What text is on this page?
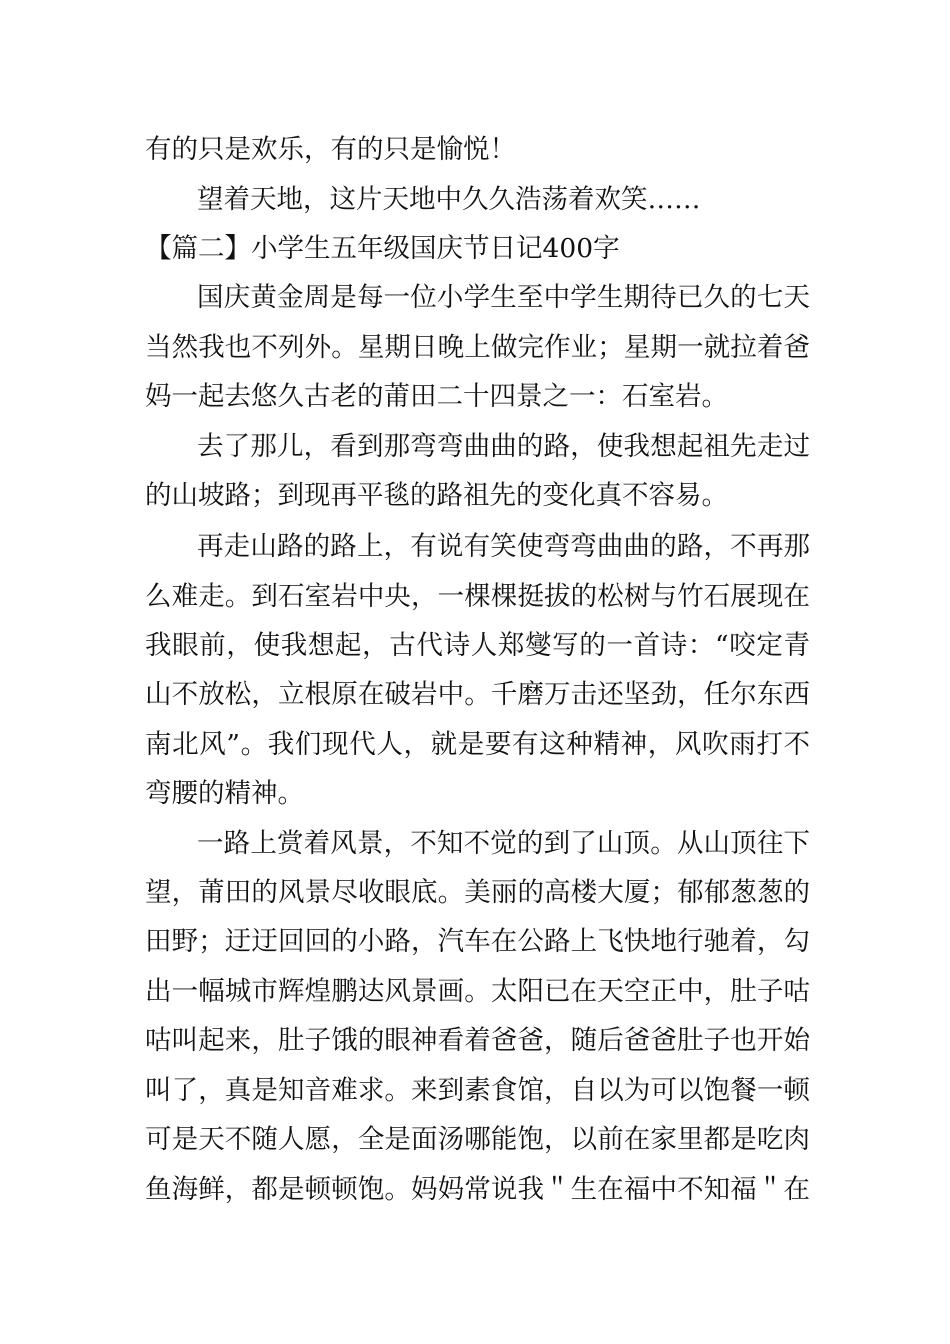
有的只是欢乐，有的只是愉悦！
望着天地，这片天地中久久浩荡着欢笑……
【篇二】小学生五年级国庆节日记400字
国庆黄金周是每一位小学生至中学生期待已久的七天
当然我也不列外。星期日晚上做完作业；星期一就拉着爸
妈一起去悠久古老的莆田二十四景之一：石室岩。
去了那儿，看到那弯弯曲曲的路，使我想起祖先走过
的山坡路；到现再平毯的路祖先的变化真不容易。
再走山路的路上，有说有笑使弯弯曲曲的路，不再那
么难走。到石室岩中央，一棵棵挺拔的松树与竹石展现在
我眼前，使我想起，古代诗人郑燮写的一首诗：“咬定青
山不放松，立根原在破岩中。千磨万击还坚劲，任尔东西
南北风”。我们现代人，就是要有这种精神，风吹雨打不
弯腰的精神。
一路上赏着风景，不知不觉的到了山顶。从山顶往下
望，莆田的风景尽收眼底。美丽的高楼大厦；郁郁葱葱的
田野；迂迂回回的小路，汽车在公路上飞快地行驰着，勾
出一幅城市辉煌鹏达风景画。太阳已在天空正中，肚子咕
咕叫起来，肚子饿的眼神看着爸爸，随后爸爸肚子也开始
叫了，真是知音难求。来到素食馆，自以为可以饱餐一顿
可是天不随人愿，全是面汤哪能饱，以前在家里都是吃肉
鱼海鲜，都是顿顿饱。妈妈常说我＂生在福中不知福＂在
